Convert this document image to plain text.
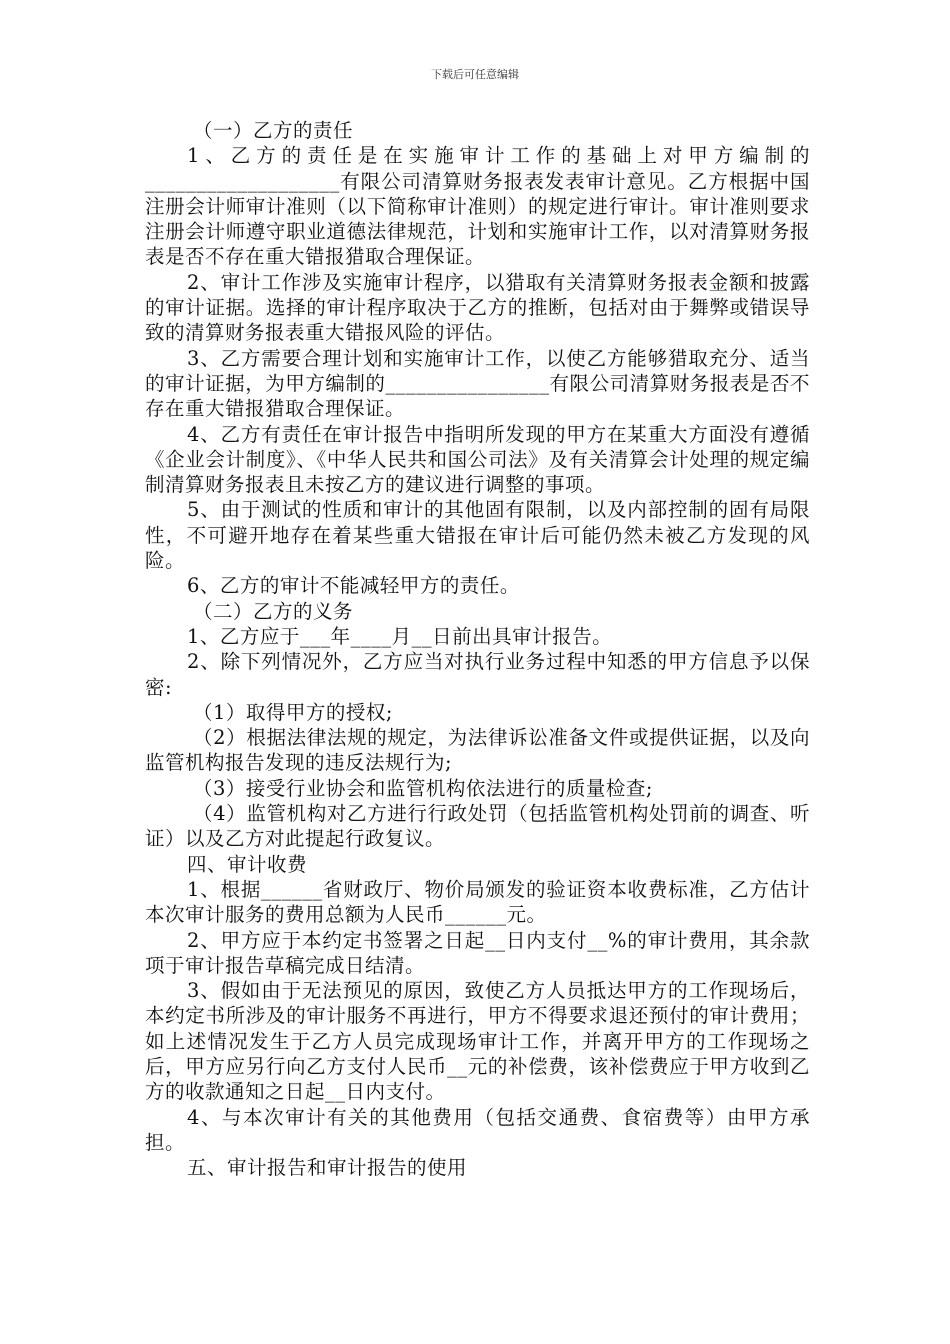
下载后可任意编辑

（一）乙方的责任

1、乙方的责任是在实施审计工作的基础上对甲方编制的___________________有限公司清算财务报表发表审计意见。乙方根据中国注册会计师审计准则（以下简称审计准则）的规定进行审计。审计准则要求注册会计师遵守职业道德法律规范，计划和实施审计工作，以对清算财务报表是否不存在重大错报猎取合理保证。

2、审计工作涉及实施审计程序，以猎取有关清算财务报表金额和披露的审计证据。选择的审计程序取决于乙方的推断，包括对由于舞弊或错误导致的清算财务报表重大错报风险的评估。

3、乙方需要合理计划和实施审计工作，以使乙方能够猎取充分、适当的审计证据，为甲方编制的________________有限公司清算财务报表是否不存在重大错报猎取合理保证。

4、乙方有责任在审计报告中指明所发现的甲方在某重大方面没有遵循《企业会计制度》、《中华人民共和国公司法》及有关清算会计处理的规定编制清算财务报表且未按乙方的建议进行调整的事项。

5、由于测试的性质和审计的其他固有限制，以及内部控制的固有局限性，不可避开地存在着某些重大错报在审计后可能仍然未被乙方发现的风险。

6、乙方的审计不能减轻甲方的责任。

（二）乙方的义务

1、乙方应于___年____月__日前出具审计报告。

2、除下列情况外，乙方应当对执行业务过程中知悉的甲方信息予以保密:

（1）取得甲方的授权;

（2）根据法律法规的规定，为法律诉讼准备文件或提供证据，以及向监管机构报告发现的违反法规行为;

（3）接受行业协会和监管机构依法进行的质量检查;

（4）监管机构对乙方进行行政处罚（包括监管机构处罚前的调查、听证）以及乙方对此提起行政复议。

四、审计收费

1、根据______省财政厅、物价局颁发的验证资本收费标准，乙方估计本次审计服务的费用总额为人民币______元。

2、甲方应于本约定书签署之日起__日内支付__%的审计费用，其余款项于审计报告草稿完成日结清。

3、假如由于无法预见的原因，致使乙方人员抵达甲方的工作现场后，本约定书所涉及的审计服务不再进行，甲方不得要求退还预付的审计费用；如上述情况发生于乙方人员完成现场审计工作，并离开甲方的工作现场之后，甲方应另行向乙方支付人民币__元的补偿费，该补偿费应于甲方收到乙方的收款通知之日起__日内支付。

4、与本次审计有关的其他费用（包括交通费、食宿费等）由甲方承担。

五、审计报告和审计报告的使用
